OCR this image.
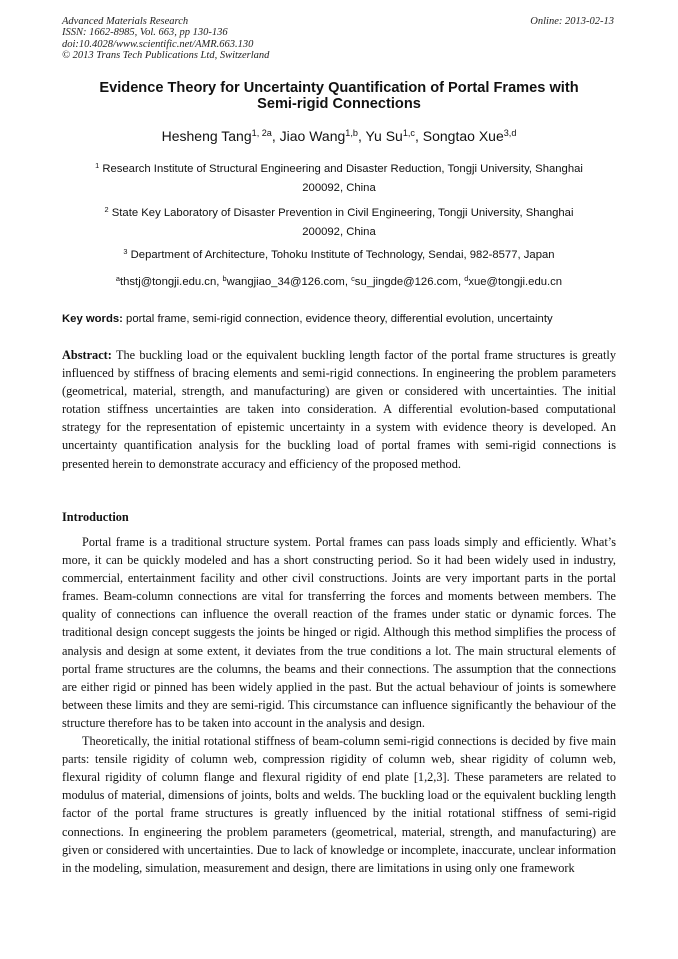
Advanced Materials Research
ISSN: 1662-8985, Vol. 663, pp 130-136
doi:10.4028/www.scientific.net/AMR.663.130
© 2013 Trans Tech Publications Ltd, Switzerland
Online: 2013-02-13
Evidence Theory for Uncertainty Quantification of Portal Frames with
Semi-rigid Connections
Hesheng Tang$^{1, 2a}$, Jiao Wang$^{1,b}$, Yu Su$^{1,c}$, Songtao Xue$^{3,d}$
$^1$ Research Institute of Structural Engineering and Disaster Reduction, Tongji University, Shanghai
200092, China
$^2$ State Key Laboratory of Disaster Prevention in Civil Engineering, Tongji University, Shanghai
200092, China
$^3$ Department of Architecture, Tohoku Institute of Technology, Sendai, 982-8577, Japan
$^a$thstj@tongji.edu.cn, $^b$wangjiao_34@126.com, $^c$su_jingde@126.com, $^d$xue@tongji.edu.cn
Key words: portal frame, semi-rigid connection, evidence theory, differential evolution, uncertainty

Abstract: The buckling load or the equivalent buckling length factor of the portal frame structures is greatly influenced by stiffness of bracing elements and semi-rigid connections. In engineering the problem parameters (geometrical, material, strength, and manufacturing) are given or considered with uncertainties. The initial rotation stiffness uncertainties are taken into consideration. A differential evolution-based computational strategy for the representation of epistemic uncertainty in a system with evidence theory is developed. An uncertainty quantification analysis for the buckling load of portal frames with semi-rigid connections is presented herein to demonstrate accuracy and efficiency of the proposed method.

Introduction

Portal frame is a traditional structure system. Portal frames can pass loads simply and efficiently. What’s more, it can be quickly modeled and has a short constructing period. So it had been widely used in industry, commercial, entertainment facility and other civil constructions. Joints are very important parts in the portal frames. Beam-column connections are vital for transferring the forces and moments between members. The quality of connections can influence the overall reaction of the frames under static or dynamic forces. The traditional design concept suggests the joints be hinged or rigid. Although this method simplifies the process of analysis and design at some extent, it deviates from the true conditions a lot. The main structural elements of portal frame structures are the columns, the beams and their connections. The assumption that the connections are either rigid or pinned has been widely applied in the past. But the actual behaviour of joints is somewhere between these limits and they are semi-rigid. This circumstance can influence significantly the behaviour of the structure therefore has to be taken into account in the analysis and design.

Theoretically, the initial rotational stiffness of beam-column semi-rigid connections is decided by five main parts: tensile rigidity of column web, compression rigidity of column web, shear rigidity of column web, flexural rigidity of column flange and flexural rigidity of end plate [1,2,3]. These parameters are related to modulus of material, dimensions of joints, bolts and welds. The buckling load or the equivalent buckling length factor of the portal frame structures is greatly influenced by the initial rotational stiffness of semi-rigid connections. In engineering the problem parameters (geometrical, material, strength, and manufacturing) are given or considered with uncertainties. Due to lack of knowledge or incomplete, inaccurate, unclear information in the modeling, simulation, measurement and design, there are limitations in using only one framework
